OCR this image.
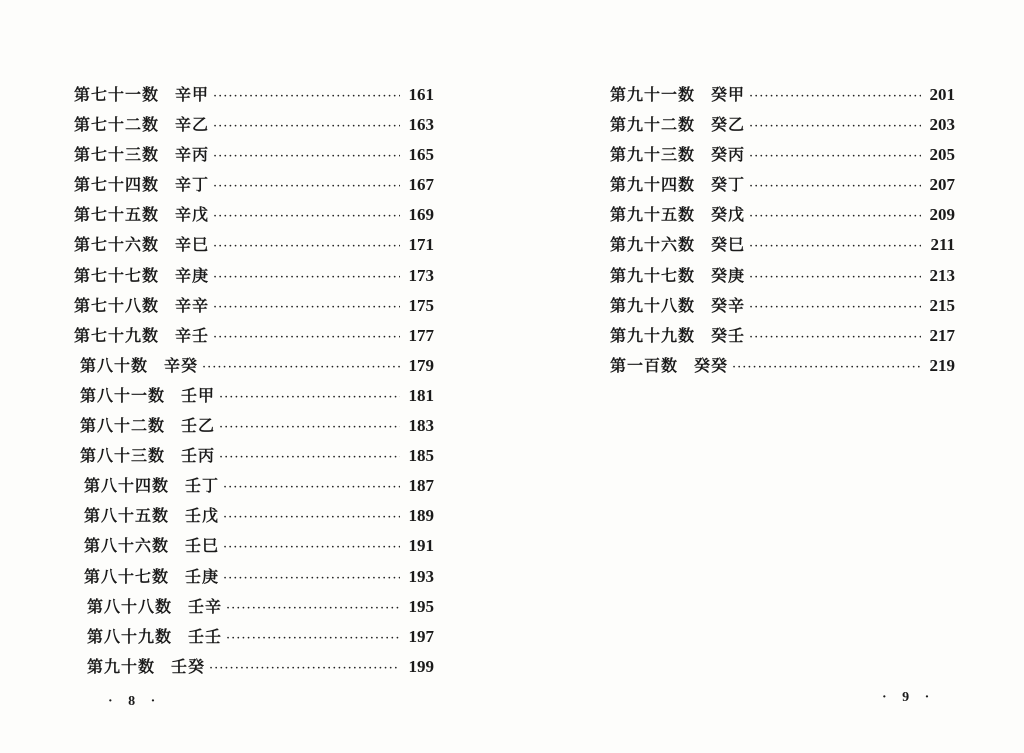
第七十一数 辛甲 ·····	161
第七十二数 辛乙 ·····	163
第七十三数 辛丙 ·····	165
第七十四数 辛丁 ·····	167
第七十五数 辛戊 ·····	169
第七十六数 辛巳 ·····	171
第七十七数 辛庚 ·····	173
第七十八数 辛辛 ·····	175
第七十九数 辛壬 ·····	177
第八十数 辛癸 ·····	179
第八十一数 壬甲 ·····	181
第八十二数 壬乙 ·····	183
第八十三数 壬丙 ·····	185
第八十四数 壬丁 ·····	187
第八十五数 壬戊 ·····	189
第八十六数 壬巳 ·····	191
第八十七数 壬庚 ·····	193
第八十八数 壬辛 ·····	195
第八十九数 壬壬 ·····	197
第九十数 壬癸 ·····	199
· 8 ·
第九十一数 癸甲 ·····	201
第九十二数 癸乙 ·····	203
第九十三数 癸丙 ·····	205
第九十四数 癸丁 ·····	207
第九十五数 癸戊 ·····	209
第九十六数 癸巳 ·····	211
第九十七数 癸庚 ·····	213
第九十八数 癸辛 ·····	215
第九十九数 癸壬 ·····	217
第一百数 癸癸 ·····	219
· 9 ·
